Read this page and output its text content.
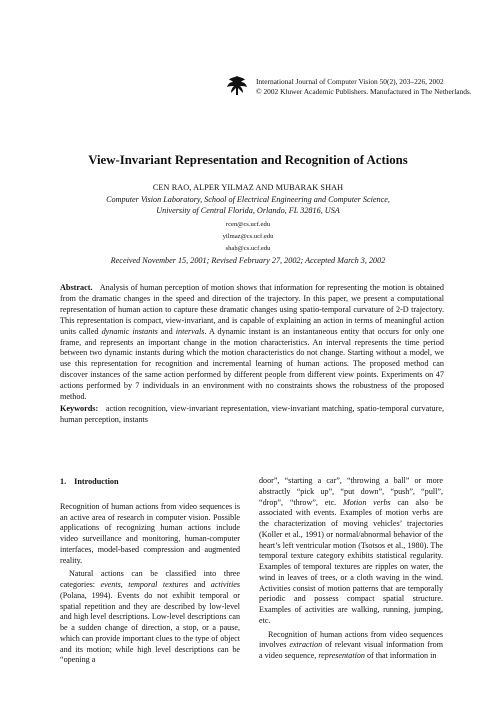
International Journal of Computer Vision 50(2), 203–226, 2002
© 2002 Kluwer Academic Publishers. Manufactured in The Netherlands.
View-Invariant Representation and Recognition of Actions
CEN RAO, ALPER YILMAZ AND MUBARAK SHAH
Computer Vision Laboratory, School of Electrical Engineering and Computer Science,
University of Central Florida, Orlando, FL 32816, USA
rcen@cs.ucf.edu
yilmaz@cs.ucf.edu
shah@cs.ucf.edu
Received November 15, 2001; Revised February 27, 2002; Accepted March 3, 2002
Abstract. Analysis of human perception of motion shows that information for representing the motion is obtained from the dramatic changes in the speed and direction of the trajectory. In this paper, we present a computational representation of human action to capture these dramatic changes using spatio-temporal curvature of 2-D trajectory. This representation is compact, view-invariant, and is capable of explaining an action in terms of meaningful action units called dynamic instants and intervals. A dynamic instant is an instantaneous entity that occurs for only one frame, and represents an important change in the motion characteristics. An interval represents the time period between two dynamic instants during which the motion characteristics do not change. Starting without a model, we use this representation for recognition and incremental learning of human actions. The proposed method can discover instances of the same action performed by different people from different view points. Experiments on 47 actions performed by 7 individuals in an environment with no constraints shows the robustness of the proposed method.
Keywords: action recognition, view-invariant representation, view-invariant matching, spatio-temporal curvature, human perception, instants
1. Introduction

Recognition of human actions from video sequences is an active area of research in computer vision. Possible applications of recognizing human actions include video surveillance and monitoring, human-computer interfaces, model-based compression and augmented reality.

Natural actions can be classified into three categories: events, temporal textures and activities (Polana, 1994). Events do not exhibit temporal or spatial repetition and they are described by low-level and high level descriptions. Low-level descriptions can be a sudden change of direction, a stop, or a pause, which can provide important clues to the type of object and its motion; while high level descriptions can be “opening a

door”, “starting a car”, “throwing a ball” or more abstractly “pick up”, “put down”, “push”, “pull”, “drop”, “throw”, etc. Motion verbs can also be associated with events. Examples of motion verbs are the characterization of moving vehicles’ trajectories (Koller et al., 1991) or normal/abnormal behavior of the heart’s left ventricular motion (Tsotsos et al., 1980). The temporal texture category exhibits statistical regularity. Examples of temporal textures are ripples on water, the wind in leaves of trees, or a cloth waving in the wind. Activities consist of motion patterns that are temporally periodic and possess compact spatial structure. Examples of activities are walking, running, jumping, etc.

Recognition of human actions from video sequences involves extraction of relevant visual information from a video sequence, representation of that information in
